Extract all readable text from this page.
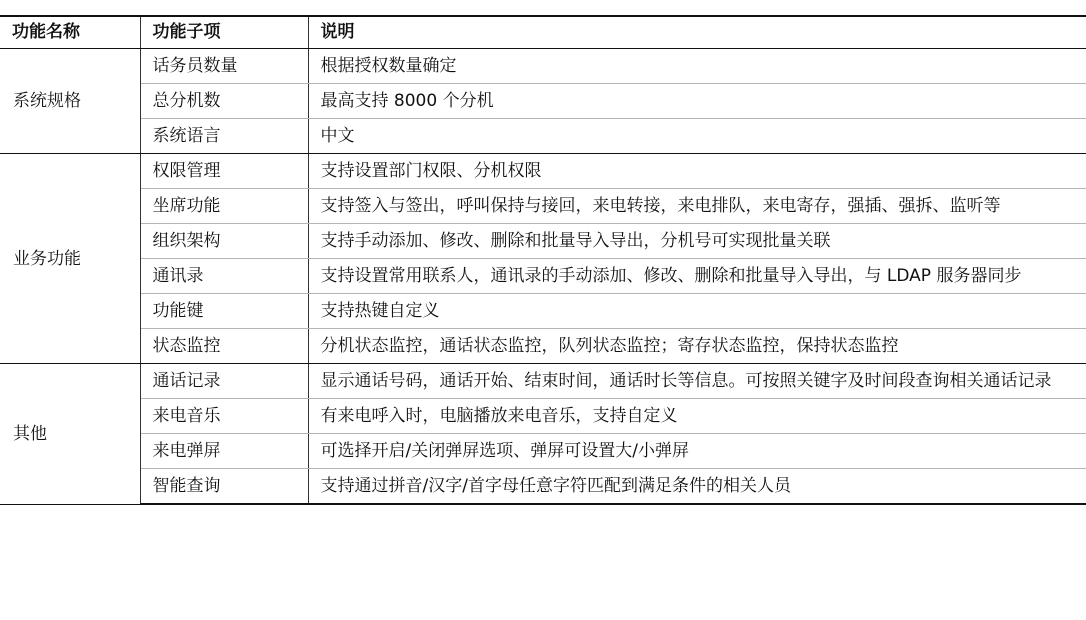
功能名称	功能子项	说明
系统规格	话务员数量	根据授权数量确定
	总分机数	最高支持 8000 个分机
	系统语言	中文
业务功能	权限管理	支持设置部门权限、分机权限
	坐席功能	支持签入与签出，呼叫保持与接回，来电转接，来电排队，来电寄存，强插、强拆、监听等
	组织架构	支持手动添加、修改、删除和批量导入导出，分机号可实现批量关联
	通讯录	支持设置常用联系人，通讯录的手动添加、修改、删除和批量导入导出，与 LDAP 服务器同步
	功能键	支持热键自定义
	状态监控	分机状态监控，通话状态监控，队列状态监控；寄存状态监控，保持状态监控
其他	通话记录	显示通话号码，通话开始、结束时间，通话时长等信息。可按照关键字及时间段查询相关通话记录
	来电音乐	有来电呼入时，电脑播放来电音乐，支持自定义
	来电弹屏	可选择开启/关闭弹屏选项、弹屏可设置大/小弹屏
	智能查询	支持通过拼音/汉字/首字母任意字符匹配到满足条件的相关人员
